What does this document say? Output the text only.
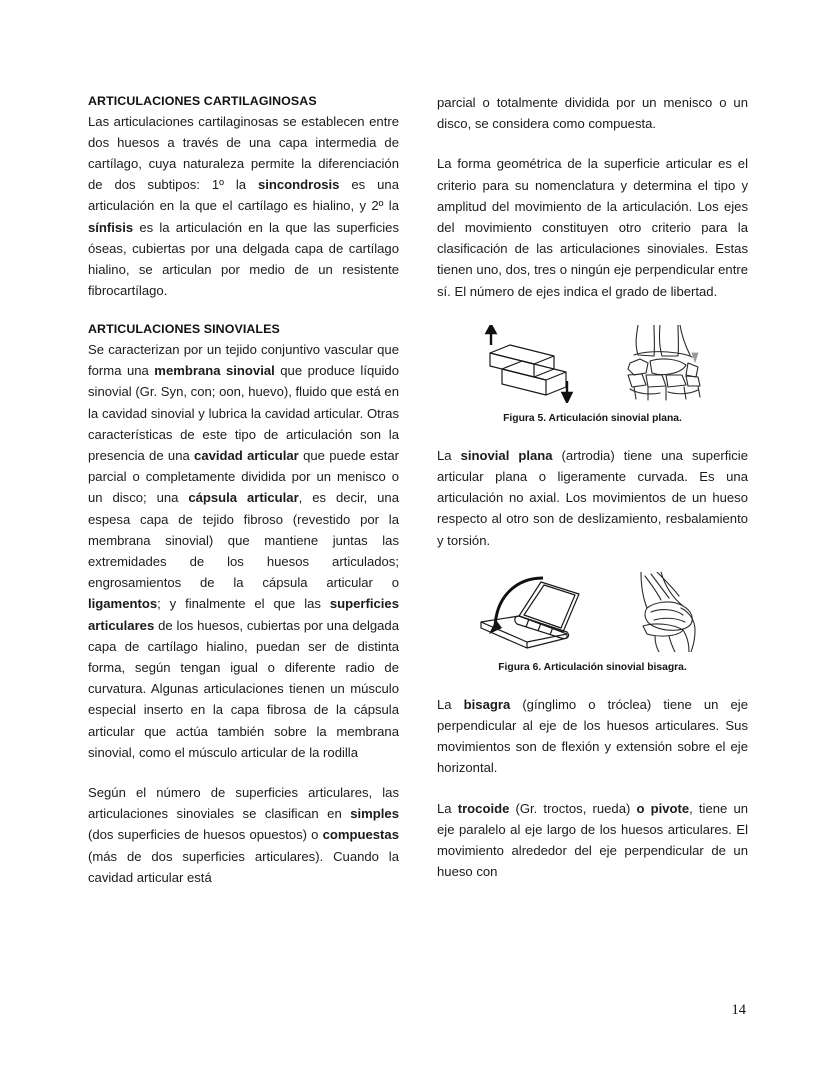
ARTICULACIONES CARTILAGINOSAS

Las articulaciones cartilaginosas se establecen entre dos huesos a través de una capa intermedia de cartílago, cuya naturaleza permite la diferenciación de dos subtipos: 1º la sincondrosis es una articulación en la que el cartílago es hialino, y 2º la sínfisis es la articulación en la que las superficies óseas, cubiertas por una delgada capa de cartílago hialino, se articulan por medio de un resistente fibrocartílago.

ARTICULACIONES SINOVIALES

Se caracterizan por un tejido conjuntivo vascular que forma una membrana sinovial que produce líquido sinovial (Gr. Syn, con; oon, huevo), fluido que está en la cavidad sinovial y lubrica la cavidad articular. Otras características de este tipo de articulación son la presencia de una cavidad articular que puede estar parcial o completamente dividida por un menisco o un disco; una cápsula articular, es decir, una espesa capa de tejido fibroso (revestido por la membrana sinovial) que mantiene juntas las extremidades de los huesos articulados; engrosamientos de la cápsula articular o ligamentos; y finalmente el que las superficies articulares de los huesos, cubiertas por una delgada capa de cartílago hialino, puedan ser de distinta forma, según tengan igual o diferente radio de curvatura. Algunas articulaciones tienen un músculo especial inserto en la capa fibrosa de la cápsula articular que actúa también sobre la membrana sinovial, como el músculo articular de la rodilla

Según el número de superficies articulares, las articulaciones sinoviales se clasifican en simples (dos superficies de huesos opuestos) o compuestas (más de dos superficies articulares). Cuando la cavidad articular está

parcial o totalmente dividida por un menisco o un disco, se considera como compuesta.

La forma geométrica de la superficie articular es el criterio para su nomenclatura y determina el tipo y amplitud del movimiento de la articulación. Los ejes del movimiento constituyen otro criterio para la clasificación de las articulaciones sinoviales. Estas tienen uno, dos, tres o ningún eje perpendicular entre sí. El número de ejes indica el grado de libertad.

Figura 5. Articulación sinovial plana.

La sinovial plana (artrodia) tiene una superficie articular plana o ligeramente curvada. Es una articulación no axial. Los movimientos de un hueso respecto al otro son de deslizamiento, resbalamiento y torsión.

Figura 6. Articulación sinovial bisagra.

La bisagra (gínglimo o tróclea) tiene un eje perpendicular al eje de los huesos articulares. Sus movimientos son de flexión y extensión sobre el eje horizontal.

La trocoide (Gr. troctos, rueda) o pivote, tiene un eje paralelo al eje largo de los huesos articulares. El movimiento alrededor del eje perpendicular de un hueso con

14
